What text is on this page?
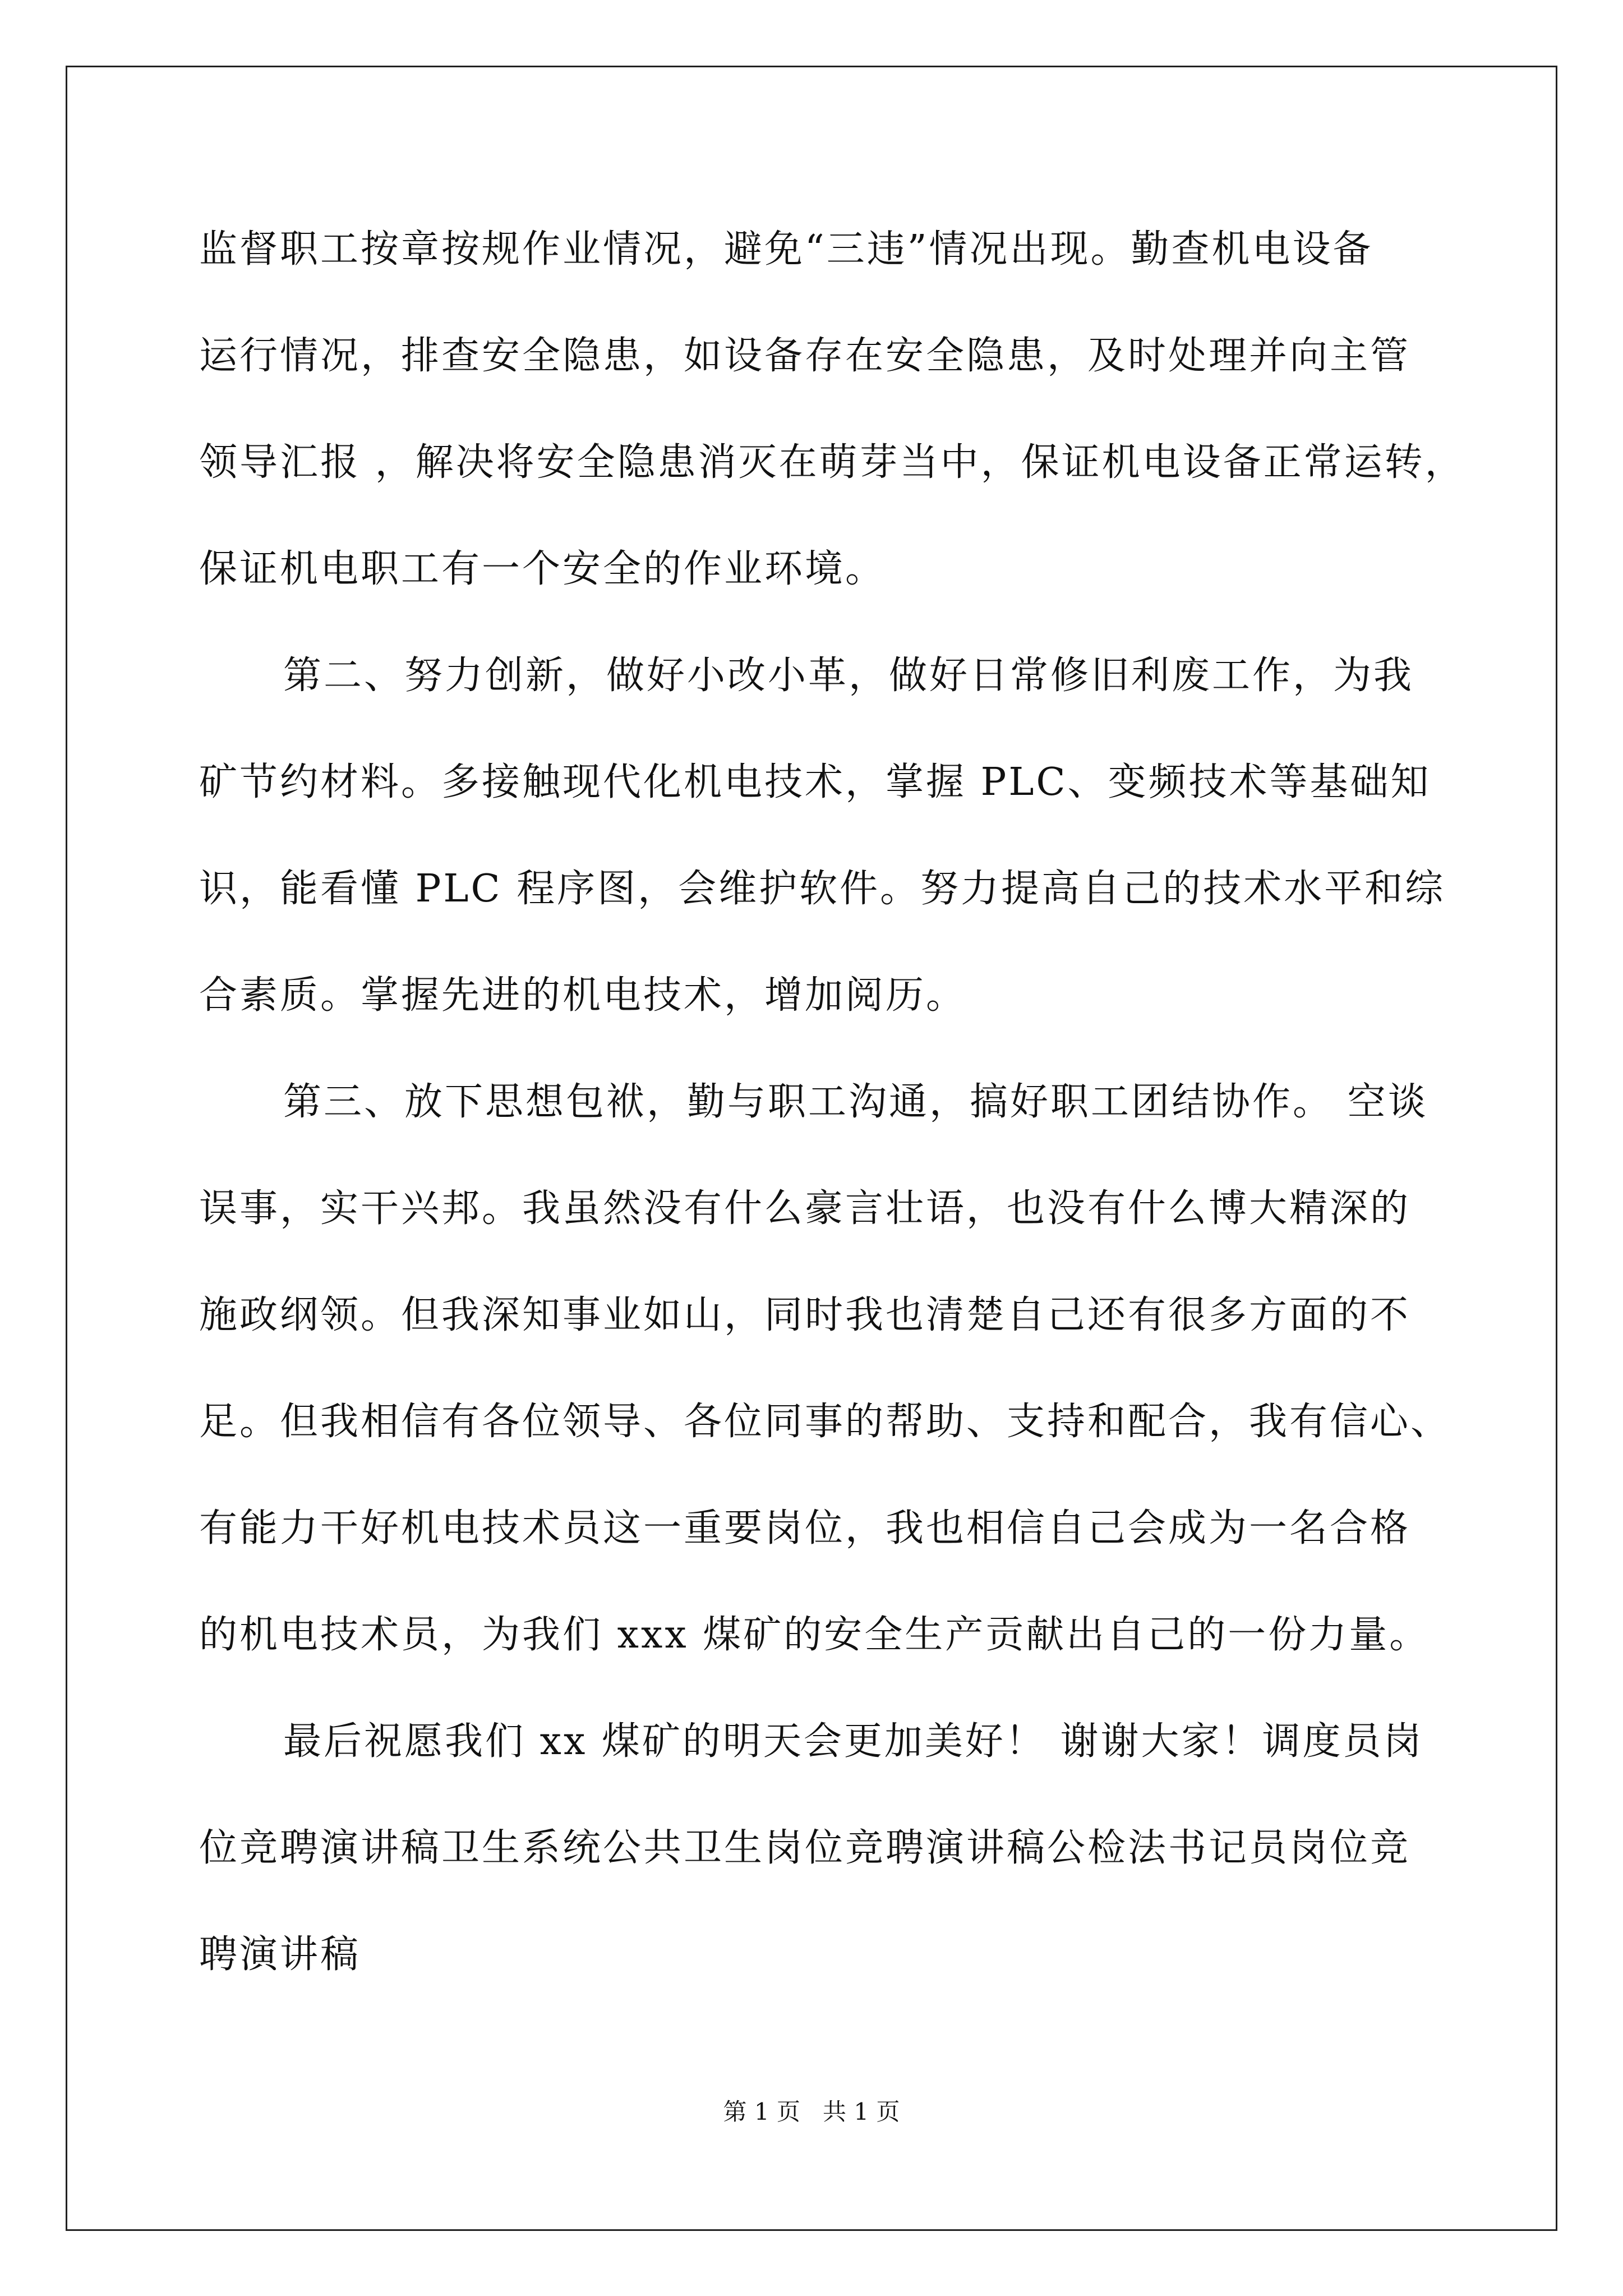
监督职工按章按规作业情况，避免“三违”情况出现。勤查机电设备
运行情况，排查安全隐患，如设备存在安全隐患，及时处理并向主管
领导汇报 ，解决将安全隐患消灭在萌芽当中，保证机电设备正常运转，
保证机电职工有一个安全的作业环境。
第二、努力创新，做好小改小革，做好日常修旧利废工作，为我
矿节约材料。多接触现代化机电技术，掌握 PLC、变频技术等基础知
识，能看懂 PLC 程序图，会维护软件。努力提高自己的技术水平和综
合素质。掌握先进的机电技术，增加阅历。
第三、放下思想包袱，勤与职工沟通，搞好职工团结协作。 空谈
误事，实干兴邦。我虽然没有什么豪言壮语，也没有什么博大精深的
施政纲领。但我深知事业如山，同时我也清楚自己还有很多方面的不
足。但我相信有各位领导、各位同事的帮助、支持和配合，我有信心、
有能力干好机电技术员这一重要岗位，我也相信自己会成为一名合格
的机电技术员，为我们 xxx 煤矿的安全生产贡献出自己的一份力量。
最后祝愿我们 xx 煤矿的明天会更加美好！ 谢谢大家！调度员岗
位竞聘演讲稿卫生系统公共卫生岗位竞聘演讲稿公检法书记员岗位竞
聘演讲稿
第 1 页   共 1 页
